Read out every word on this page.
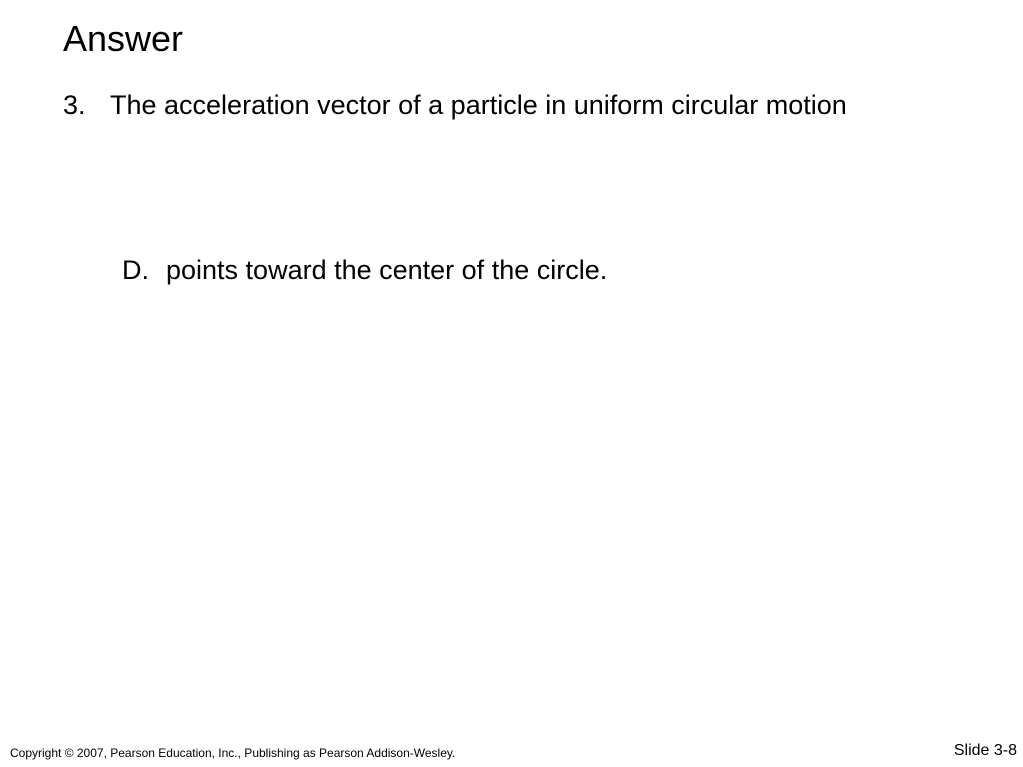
Answer
3. The acceleration vector of a particle in uniform circular motion
D. points toward the center of the circle.
Copyright © 2007, Pearson Education, Inc., Publishing as Pearson Addison-Wesley.	Slide 3-8
